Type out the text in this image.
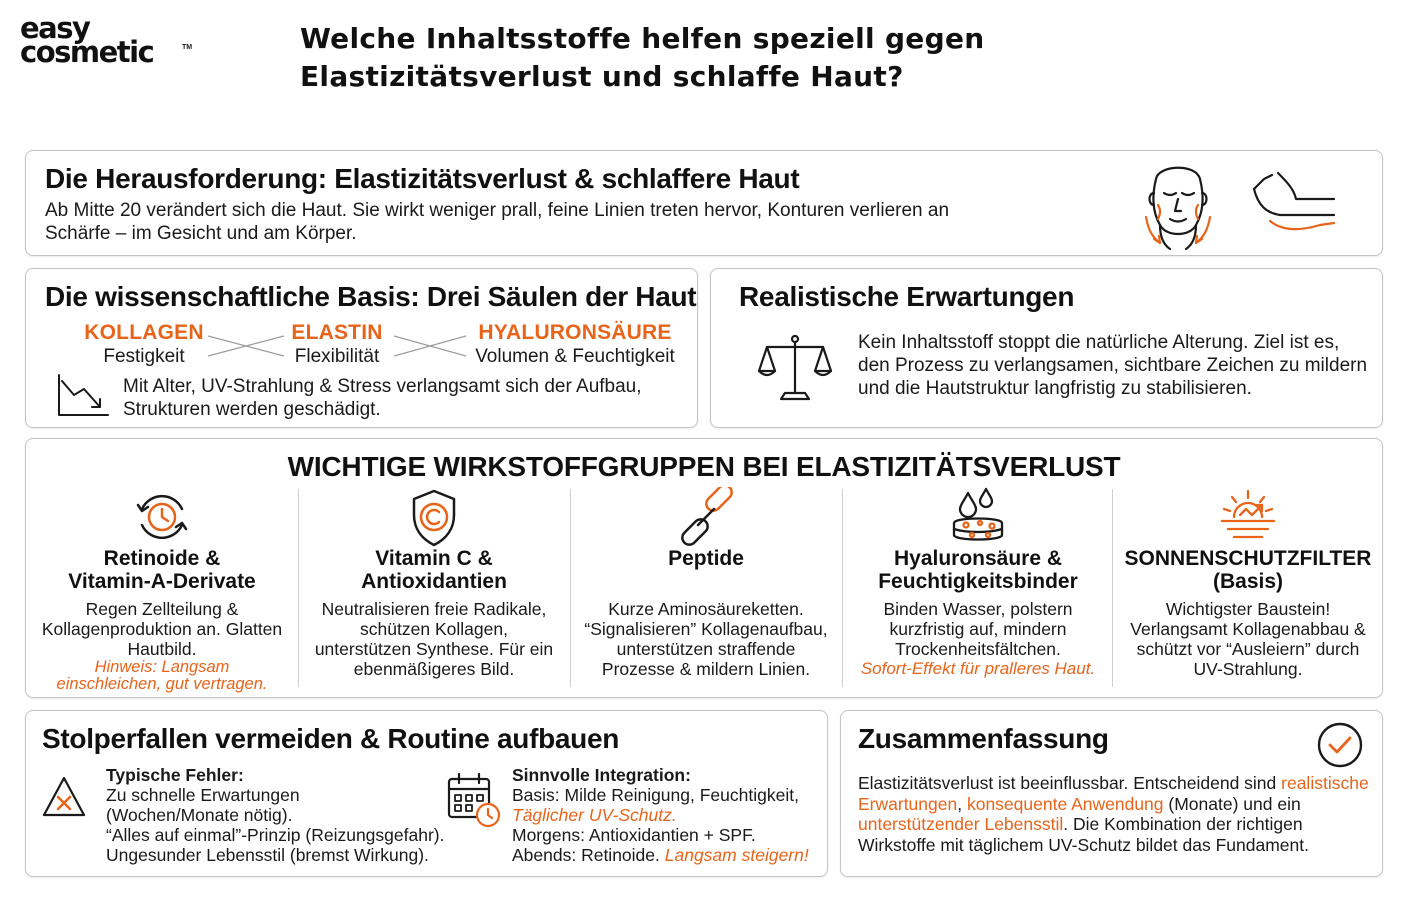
easy
cosmetic	TM	Welche Inhaltsstoffe helfen speziell gegen
Elastizitätsverlust und schlaffe Haut?
Die Herausforderung: Elastizitätsverlust & schlaffere Haut

Ab Mitte 20 verändert sich die Haut. Sie wirkt weniger prall, feine Linien treten hervor, Konturen verlieren an Schärfe – im Gesicht und am Körper.

Die wissenschaftliche Basis: Drei Säulen der Haut
KOLLAGEN
Festigkeit
ELASTIN
Flexibilität
HYALURONSÄURE
Volumen & Feuchtigkeit

Mit Alter, UV-Strahlung & Stress verlangsamt sich der Aufbau, Strukturen werden geschädigt.

Realistische Erwartungen

Kein Inhaltsstoff stoppt die natürliche Alterung. Ziel ist es, den Prozess zu verlangsamen, sichtbare Zeichen zu mildern und die Hautstruktur langfristig zu stabilisieren.

WICHTIGE WIRKSTOFFGRUPPEN BEI ELASTIZITÄTSVERLUST
Retinoide &
Vitamin-A-Derivate
Regen Zellteilung & Kollagenproduktion an. Glatten Hautbild.
Hinweis: Langsam einschleichen, gut vertragen.
Vitamin C &
Antioxidantien
Neutralisieren freie Radikale, schützen Kollagen, unterstützen Synthese. Für ein ebenmäßigeres Bild.
Peptide
Kurze Aminosäureketten. “Signalisieren” Kollagenaufbau, unterstützen straffende Prozesse & mildern Linien.
Hyaluronsäure &
Feuchtigkeitsbinder
Binden Wasser, polstern kurzfristig auf, mindern Trockenheitsfältchen.
Sofort-Effekt für pralleres Haut.
SONNENSCHUTZFILTER
(Basis)
Wichtigster Baustein! Verlangsamt Kollagenabbau & schützt vor “Ausleiern” durch UV-Strahlung.
Stolperfallen vermeiden & Routine aufbauen
Typische Fehler:
Zu schnelle Erwartungen
(Wochen/Monate nötig).
“Alles auf einmal”-Prinzip (Reizungsgefahr).
Ungesunder Lebensstil (bremst Wirkung).
Sinnvolle Integration:
Basis: Milde Reinigung, Feuchtigkeit,
Täglicher UV-Schutz.
Morgens: Antioxidantien + SPF.
Abends: Retinoide. Langsam steigern!
Zusammenfassung

Elastizitätsverlust ist beeinflussbar. Entscheidend sind realistische Erwartungen, konsequente Anwendung (Monate) und ein unterstützender Lebensstil. Die Kombination der richtigen Wirkstoffe mit täglichem UV-Schutz bildet das Fundament.
